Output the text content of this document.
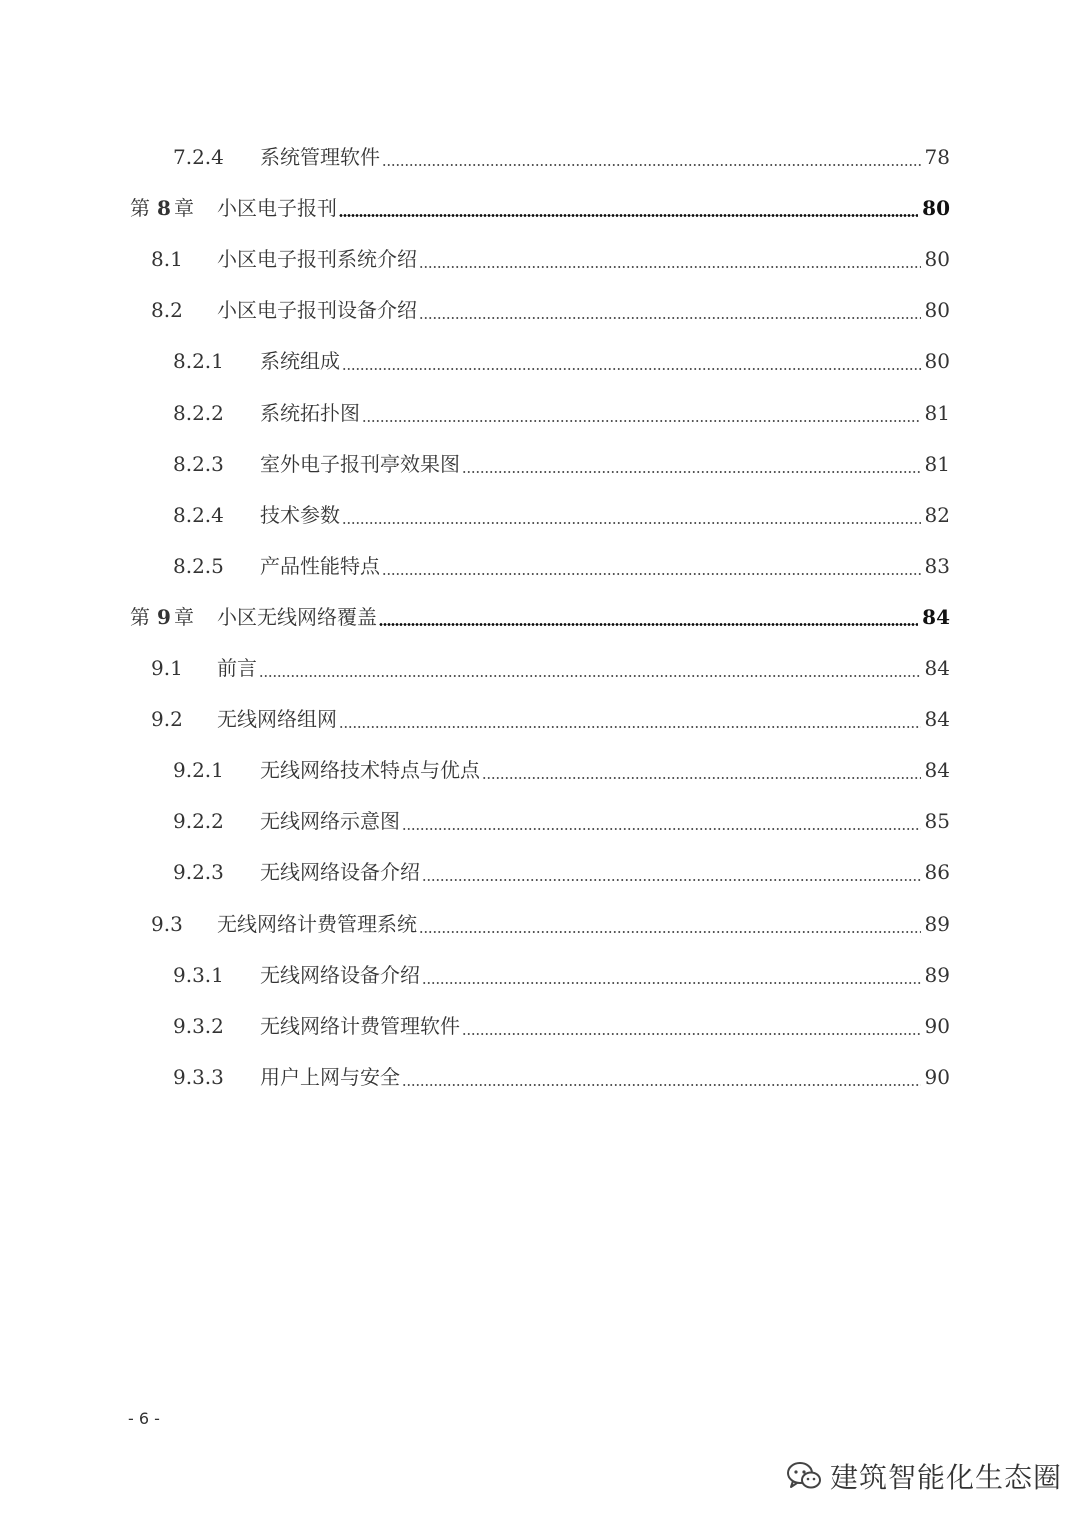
7.2.4 系统管理软件	78
第 8 章 小区电子报刊	80
8.1 小区电子报刊系统介绍	80
8.2 小区电子报刊设备介绍	80
8.2.1 系统组成	80
8.2.2 系统拓扑图	81
8.2.3 室外电子报刊亭效果图	81
8.2.4 技术参数	82
8.2.5 产品性能特点	83
第 9 章 小区无线网络覆盖	84
9.1 前言	84
9.2 无线网络组网	84
9.2.1 无线网络技术特点与优点	84
9.2.2 无线网络示意图	85
9.2.3 无线网络设备介绍	86
9.3 无线网络计费管理系统	89
9.3.1 无线网络设备介绍	89
9.3.2 无线网络计费管理软件	90
9.3.3 用户上网与安全	90
- 6 -
建筑智能化生态圈
